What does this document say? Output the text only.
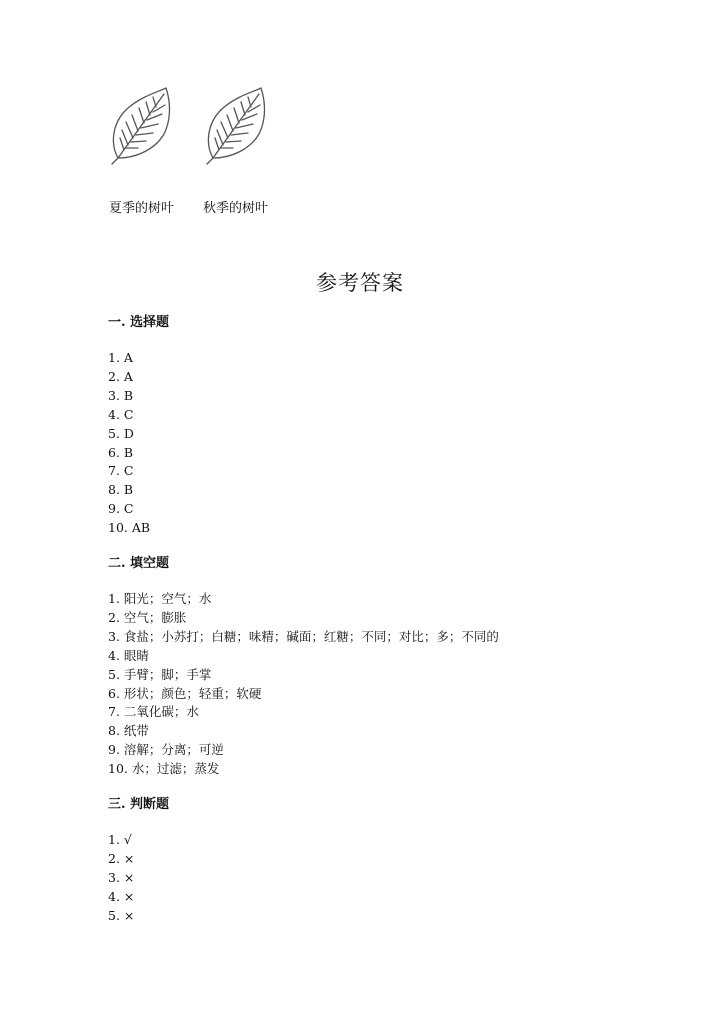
夏季的树叶 秋季的树叶
参考答案
一. 选择题
1. A
2. A
3. B
4. C
5. D
6. B
7. C
8. B
9. C
10. AB
二. 填空题
1. 阳光；空气；水
2. 空气；膨胀
3. 食盐；小苏打；白糖；味精；碱面；红糖；不同；对比；多；不同的
4. 眼睛
5. 手臂；脚；手掌
6. 形状；颜色；轻重；软硬
7. 二氧化碳；水
8. 纸带
9. 溶解；分离；可逆
10. 水；过滤；蒸发
三. 判断题
1. √
2. ×
3. ×
4. ×
5. ×
